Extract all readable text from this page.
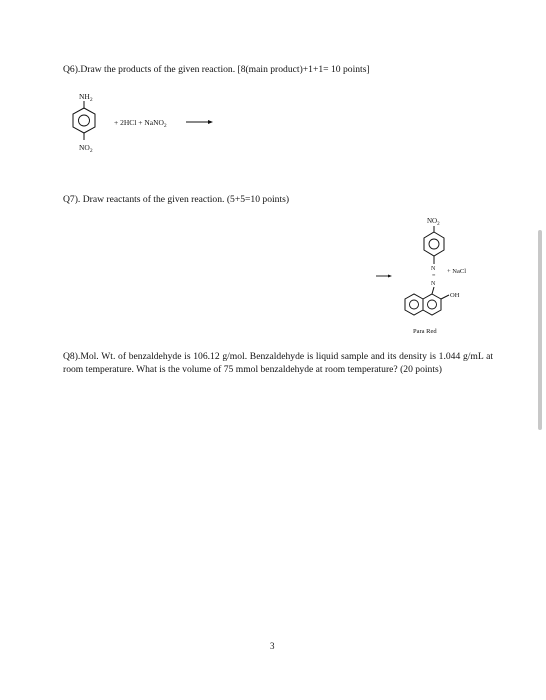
Q6).Draw the products of the given reaction. [8(main product)+1+1= 10 points]
$NH_2$
$NO_2$
+ 2HCl + NaNO$_2$
Q7). Draw reactants of the given reaction. (5+5=10 points)
$NO_2$
N
=
N
OH
+ NaCl
Para Red
Q8).Mol. Wt. of benzaldehyde is 106.12 g/mol. Benzaldehyde is liquid sample and its density is 1.044 g/mL at room temperature. What is the volume of 75 mmol benzaldehyde at room temperature? (20 points)
3
